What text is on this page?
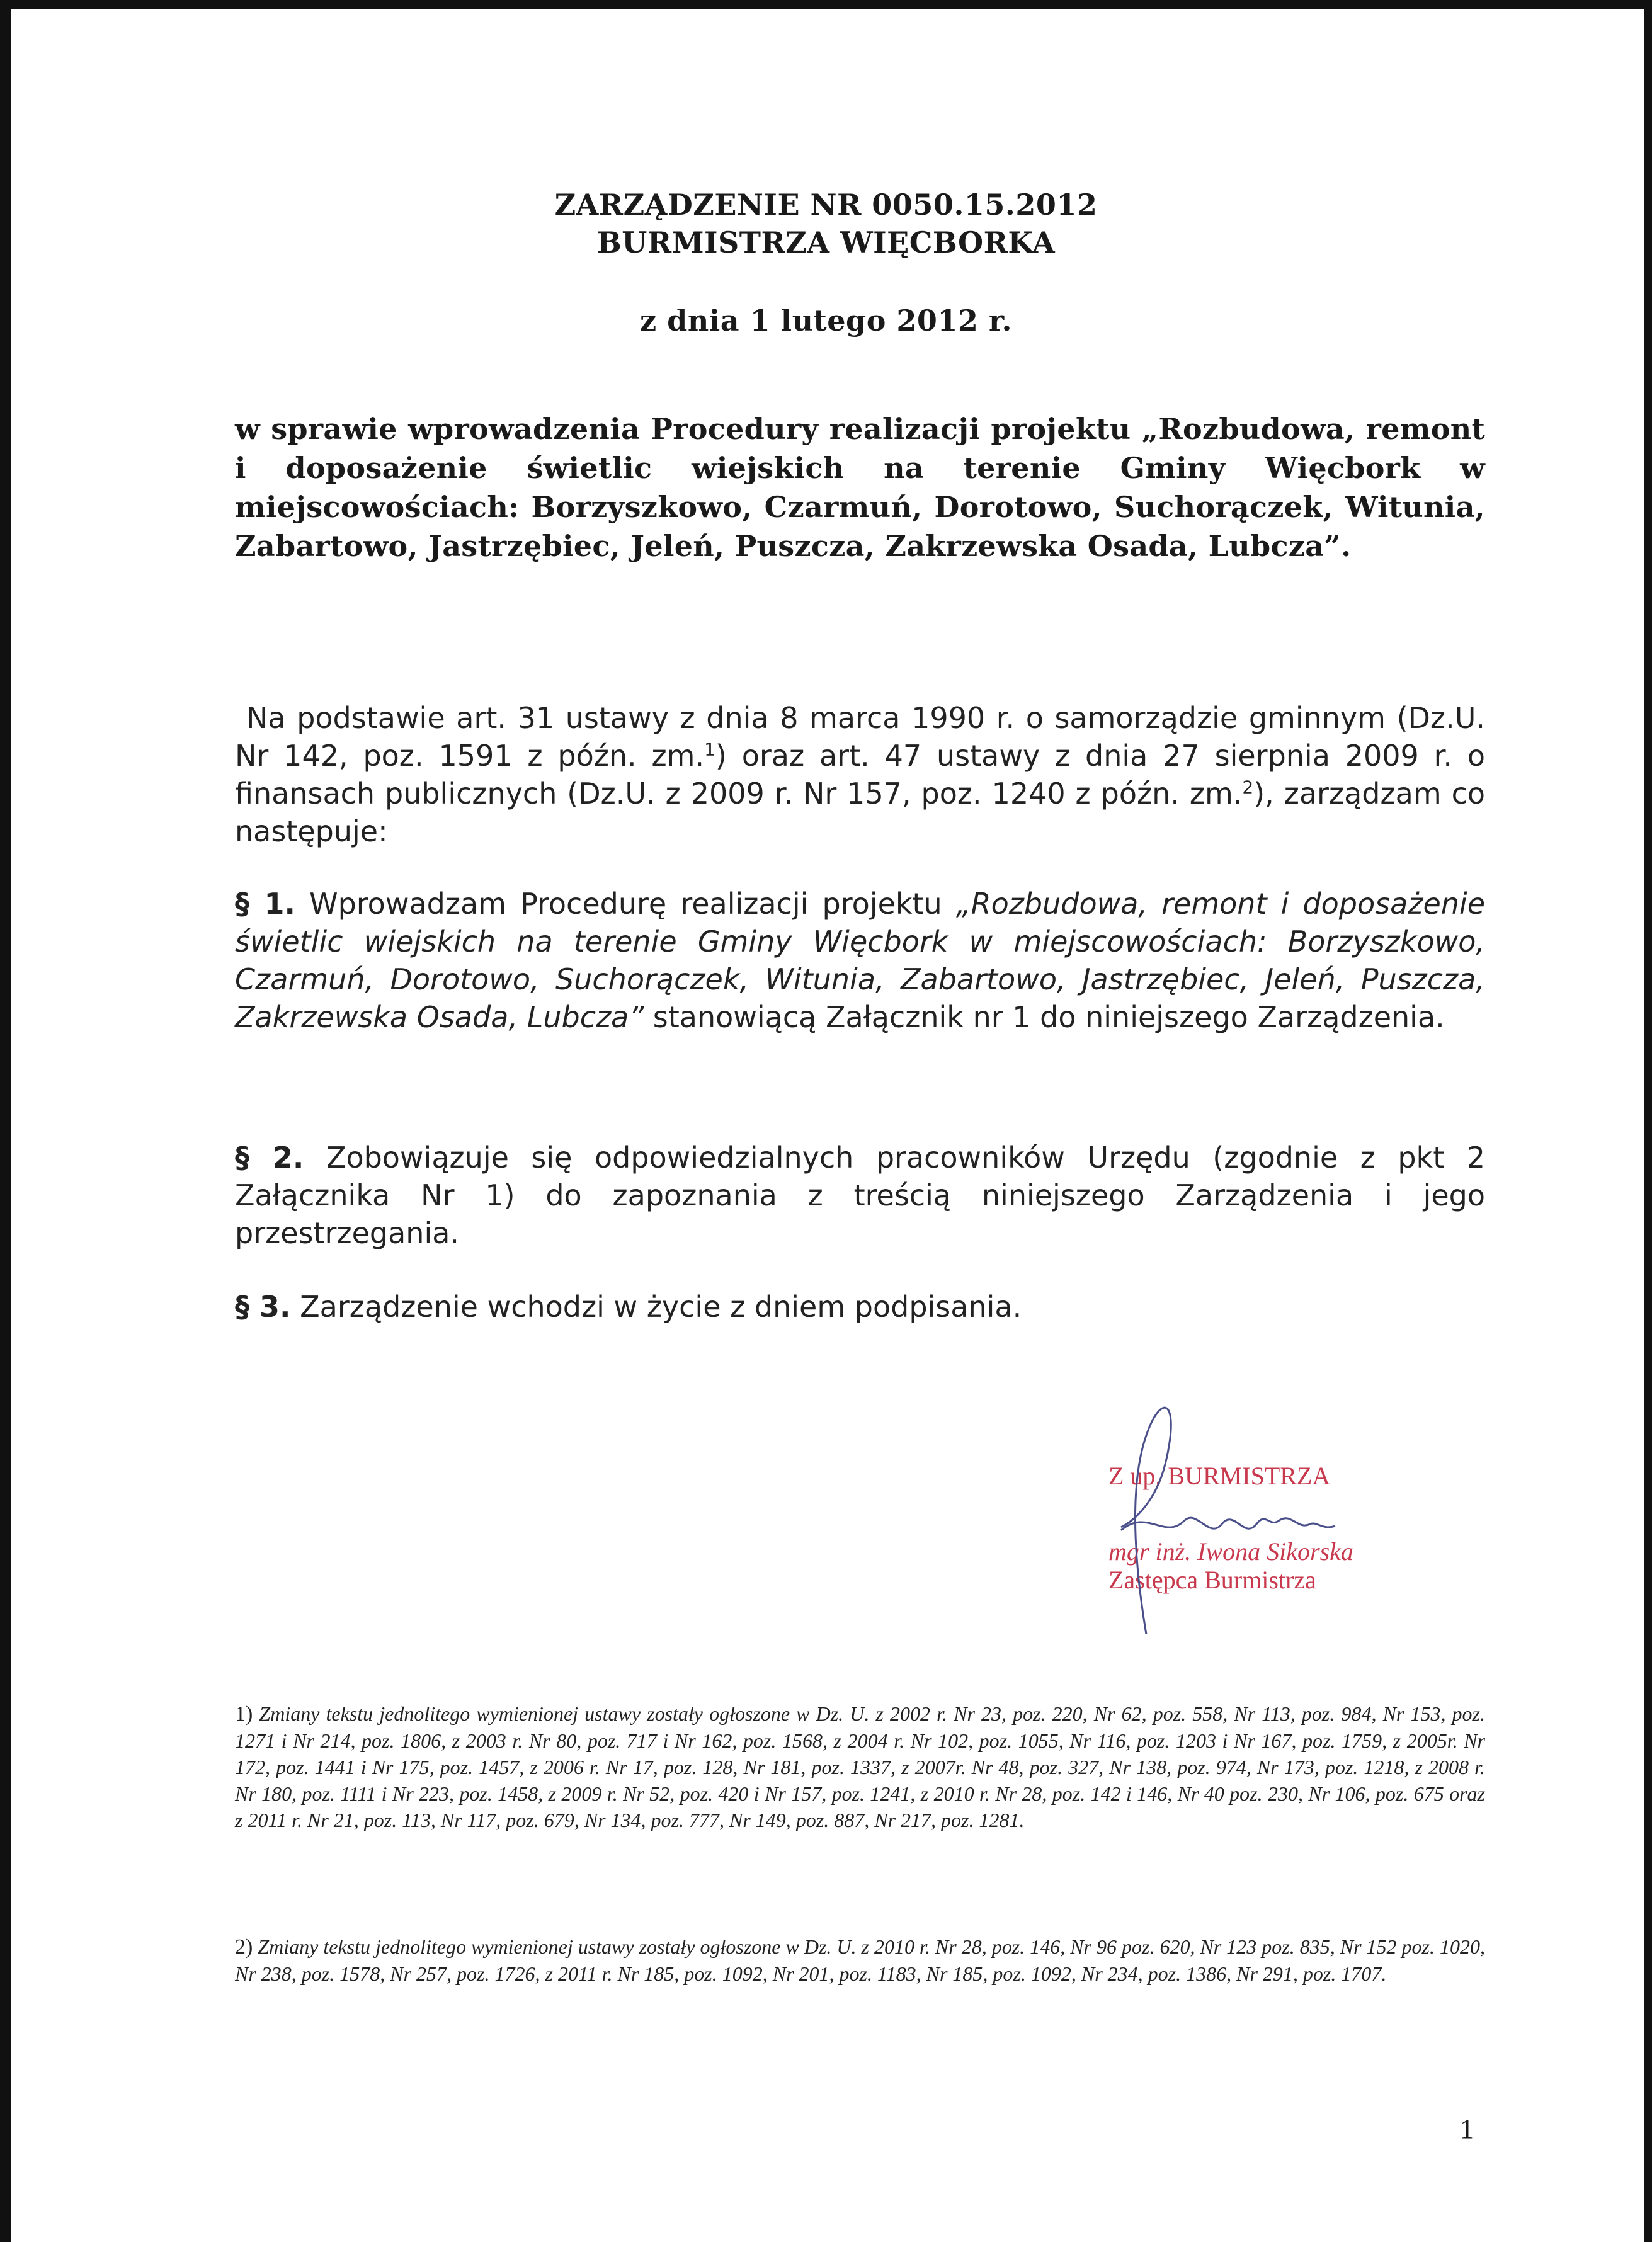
ZARZĄDZENIE NR 0050.15.2012
BURMISTRZA WIĘCBORKA
z dnia 1 lutego 2012 r.
w sprawie wprowadzenia Procedury realizacji projektu „Rozbudowa, remont i doposażenie świetlic wiejskich na terenie Gminy Więcbork w miejscowościach: Borzyszkowo, Czarmuń, Dorotowo, Suchorączek, Witunia, Zabartowo, Jastrzębiec, Jeleń, Puszcza, Zakrzewska Osada, Lubcza”.
Na podstawie art. 31 ustawy z dnia 8 marca 1990 r. o samorządzie gminnym (Dz.U. Nr 142, poz. 1591 z późn. zm.$^1$) oraz art. 47 ustawy z dnia 27 sierpnia 2009 r. o finansach publicznych (Dz.U. z 2009 r. Nr 157, poz. 1240 z późn. zm.$^2$), zarządzam co następuje:
§ 1. Wprowadzam Procedurę realizacji projektu „Rozbudowa, remont i doposażenie świetlic wiejskich na terenie Gminy Więcbork w miejscowościach: Borzyszkowo, Czarmuń, Dorotowo, Suchorączek, Witunia, Zabartowo, Jastrzębiec, Jeleń, Puszcza, Zakrzewska Osada, Lubcza” stanowiącą Załącznik nr 1 do niniejszego Zarządzenia.
§ 2. Zobowiązuje się odpowiedzialnych pracowników Urzędu (zgodnie z pkt 2 Załącznika Nr 1) do zapoznania z treścią niniejszego Zarządzenia i jego przestrzegania.
§ 3. Zarządzenie wchodzi w życie z dniem podpisania.
Z up. BURMISTRZA
mgr inż. Iwona Sikorska
Zastępca Burmistrza
1) Zmiany tekstu jednolitego wymienionej ustawy zostały ogłoszone w Dz. U. z 2002 r. Nr 23, poz. 220, Nr 62, poz. 558, Nr 113, poz. 984, Nr 153, poz. 1271 i Nr 214, poz. 1806, z 2003 r. Nr 80, poz. 717 i Nr 162, poz. 1568, z 2004 r. Nr 102, poz. 1055, Nr 116, poz. 1203 i Nr 167, poz. 1759, z 2005r. Nr 172, poz. 1441 i Nr 175, poz. 1457, z 2006 r. Nr 17, poz. 128, Nr 181, poz. 1337, z 2007r. Nr 48, poz. 327, Nr 138, poz. 974, Nr 173, poz. 1218, z 2008 r. Nr 180, poz. 1111 i Nr 223, poz. 1458, z 2009 r. Nr 52, poz. 420 i Nr 157, poz. 1241, z 2010 r. Nr 28, poz. 142 i 146, Nr 40 poz. 230, Nr 106, poz. 675 oraz z 2011 r. Nr 21, poz. 113, Nr 117, poz. 679, Nr 134, poz. 777, Nr 149, poz. 887, Nr 217, poz. 1281.
2) Zmiany tekstu jednolitego wymienionej ustawy zostały ogłoszone w Dz. U. z 2010 r. Nr 28, poz. 146, Nr 96 poz. 620, Nr 123 poz. 835, Nr 152 poz. 1020, Nr 238, poz. 1578, Nr 257, poz. 1726, z 2011 r. Nr 185, poz. 1092, Nr 201, poz. 1183, Nr 185, poz. 1092, Nr 234, poz. 1386, Nr 291, poz. 1707.
1
